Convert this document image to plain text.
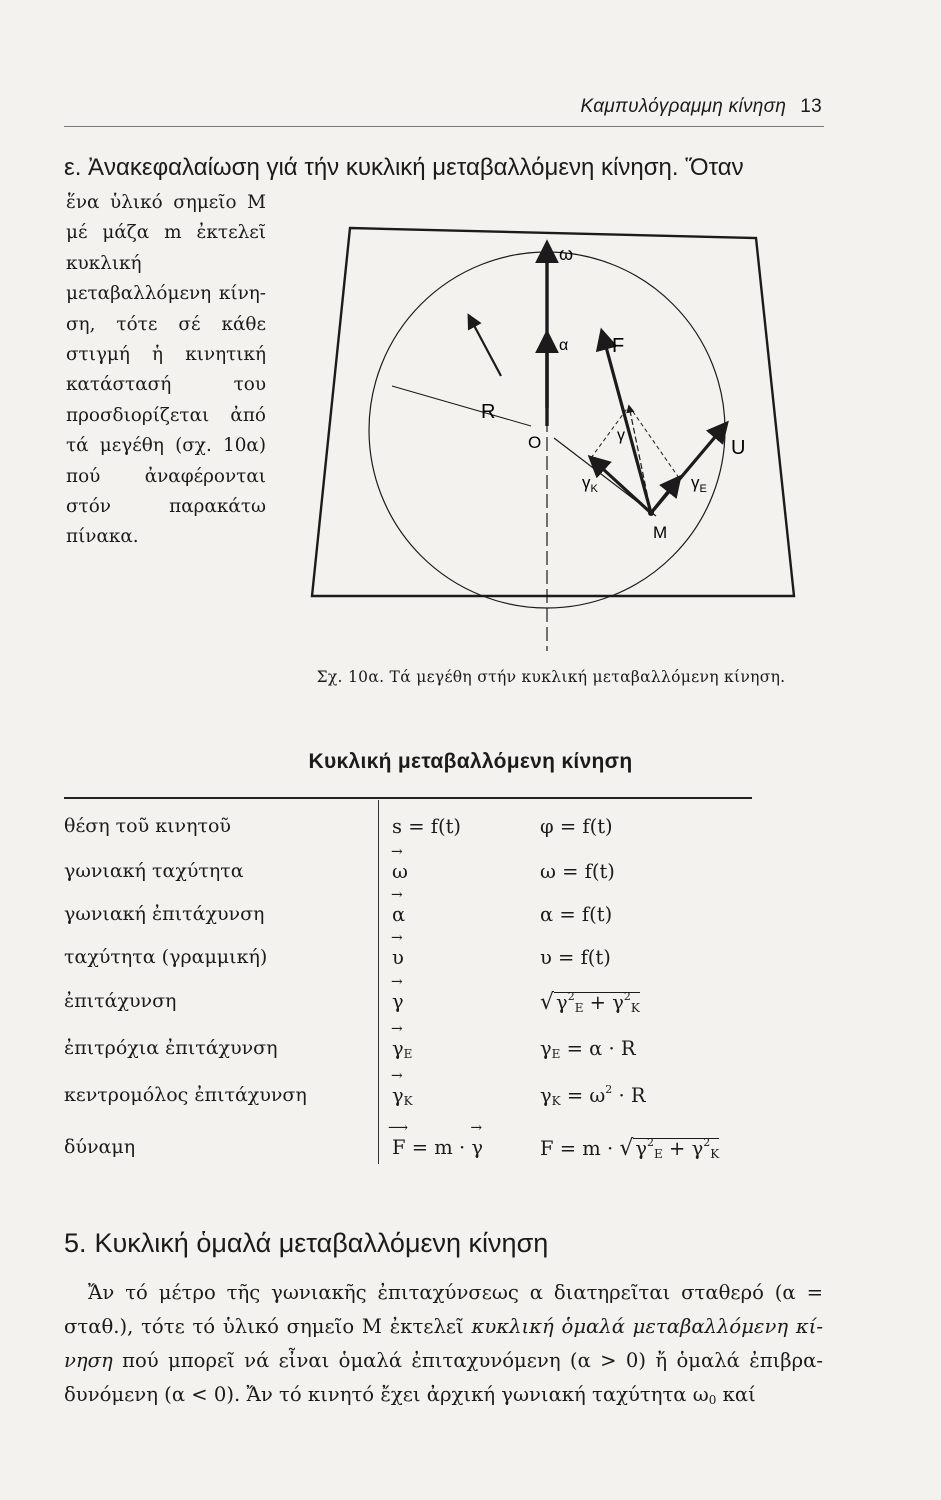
Καμπυλόγραμμη κίνηση 13
ε. Ἀνακεφαλαίωση γιά τήν κυκλική μεταβαλλόμενη κίνηση. Ὅταν
ἕνα ὑλικό σημεῖο M μέ μάζα m ἐκτελεῖ κυκλική μεταβαλλόμενη κίνηση, τότε σέ κάθε στιγμή ἡ κινητική κατάστασή του προσδιορίζεται ἀπό τά μεγέθη (σχ. 10α) πού ἀναφέρονται στόν παρακάτω πίνακα.
ω
α F
R
O	γ
U
$\gamma_K$	$\gamma_E$
M
Σχ. 10α. Τά μεγέθη στήν κυκλική μεταβαλλόμενη κίνηση.
Κυκλική μεταβαλλόμενη κίνηση
θέση τοῦ κινητοῦ	s = f(t)	φ = f(t)
γωνιακή ταχύτητα	→ ω	ω = f(t)
γωνιακή ἐπιτάχυνση	→ α	α = f(t)
ταχύτητα (γραμμική)	→ υ	υ = f(t)
ἐπιτάχυνση	→ γ	√ $\gamma^2_E + \gamma^2_K$
ἐπιτρόχια ἐπιτάχυνση	→ $\gamma_E$	$\gamma_E = \alpha \cdot R$
κεντρομόλος ἐπιτάχυνση	→ $\gamma_K$	$\gamma_K = \omega^2 \cdot R$
δύναμη	⟶ F = m · → γ	F = m · √ $\gamma^2_E + \gamma^2_K$
5. Κυκλική ὁμαλά μεταβαλλόμενη κίνηση
Ἄν τό μέτρο τῆς γωνιακῆς ἐπιταχύνσεως α διατηρεῖται σταθερό (α = σταθ.), τότε τό ὑλικό σημεῖο M ἐκτελεῖ κυκλική ὁμαλά μεταβαλλόμενη κίνηση πού μπορεῖ νά εἶναι ὁμαλά ἐπιταχυνόμενη (α > 0) ἤ ὁμαλά ἐπιβραδυνόμενη (α < 0). Ἄν τό κινητό ἔχει ἀρχική γωνιακή ταχύτητα $\omega_0$ καί
